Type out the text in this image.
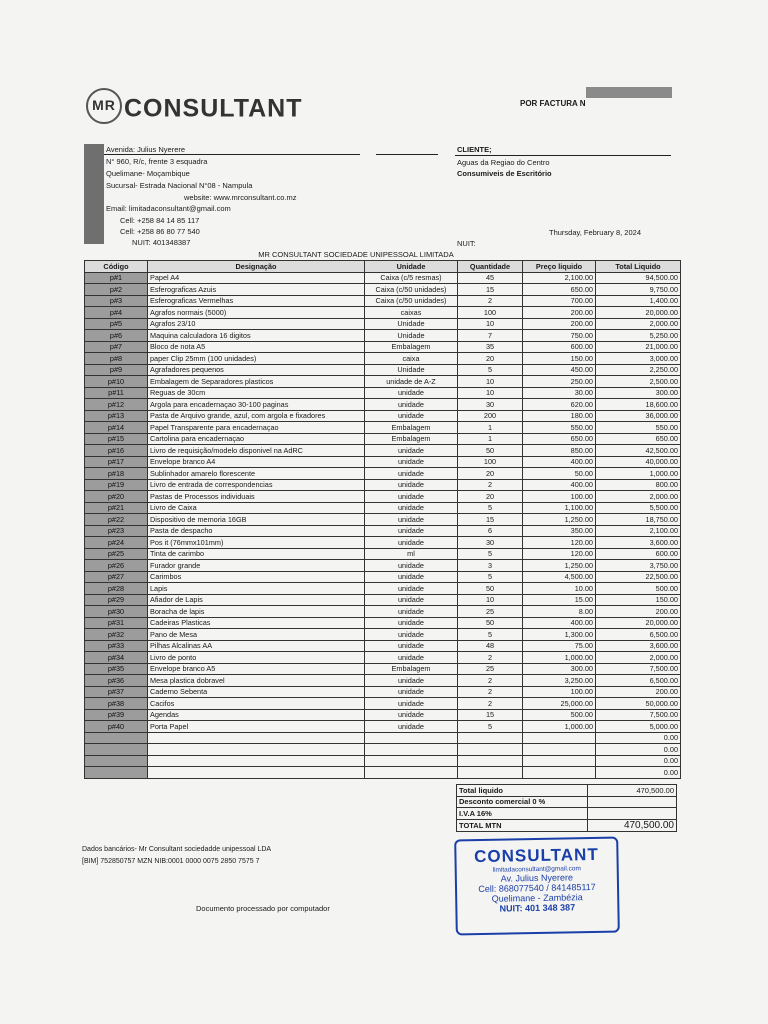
MR CONSULTANT	POR FACTURA N
Avenida: Julius Nyerere
N° 960, R/c, frente 3 esquadra
Quelimane- Moçambique
Sucursal- Estrada Nacional N°08 - Nampula
website: www.mrconsultant.co.mz
Email: limitadaconsultant@gmail.com
Cell: +258 84 14 85 117
Cell: +258 86 80 77 540
NUIT: 401348387
CLIENTE;
Aguas da Regiao do Centro
Consumiveis de Escritório
Thursday, February 8, 2024
NUIT:
MR CONSULTANT SOCIEDADE UNIPESSOAL LIMITADA
Código	Designação	Unidade	Quantidade	Preço liquido	Total Liquido
p#1	Papel A4	Caixa (c/5 resmas)	45	2,100.00	94,500.00
p#2	Esferograficas Azuis	Caixa (c/50 unidades)	15	650.00	9,750.00
p#3	Esferograficas Vermelhas	Caixa (c/50 unidades)	2	700.00	1,400.00
p#4	Agrafos normais (5000)	caixas	100	200.00	20,000.00
p#5	Agrafos 23/10	Unidade	10	200.00	2,000.00
p#6	Maquina calculadora 16 digitos	Unidade	7	750.00	5,250.00
p#7	Bloco de nota A5	Embalagem	35	600.00	21,000.00
p#8	paper Clip 25mm (100 unidades)	caixa	20	150.00	3,000.00
p#9	Agrafadores pequenos	Unidade	5	450.00	2,250.00
p#10	Embalagem de Separadores plasticos	unidade de A-Z	10	250.00	2,500.00
p#11	Reguas de 30cm	unidade	10	30.00	300.00
p#12	Argola para encadernaçao 30-100 paginas	unidade	30	620.00	18,600.00
p#13	Pasta de Arquivo grande, azul, com argola e fixadores	unidade	200	180.00	36,000.00
p#14	Papel Transparente para encadernaçao	Embalagem	1	550.00	550.00
p#15	Cartolina para encadernaçao	Embalagem	1	650.00	650.00
p#16	Livro de requisição/modelo disponivel na AdRC	unidade	50	850.00	42,500.00
p#17	Envelope branco A4	unidade	100	400.00	40,000.00
p#18	Sublinhador amarelo florescente	unidade	20	50.00	1,000.00
p#19	Livro de entrada de correspondencias	unidade	2	400.00	800.00
p#20	Pastas de Processos individuais	unidade	20	100.00	2,000.00
p#21	Livro de Caixa	unidade	5	1,100.00	5,500.00
p#22	Dispositivo de memoria 16GB	unidade	15	1,250.00	18,750.00
p#23	Pasta de despacho	unidade	6	350.00	2,100.00
p#24	Pos it (76mmx101mm)	unidade	30	120.00	3,600.00
p#25	Tinta de carimbo	ml	5	120.00	600.00
p#26	Furador grande	unidade	3	1,250.00	3,750.00
p#27	Carimbos	unidade	5	4,500.00	22,500.00
p#28	Lapis	unidade	50	10.00	500.00
p#29	Afiador de Lapis	unidade	10	15.00	150.00
p#30	Boracha de lapis	unidade	25	8.00	200.00
p#31	Cadeiras Plasticas	unidade	50	400.00	20,000.00
p#32	Pano de Mesa	unidade	5	1,300.00	6,500.00
p#33	Pilhas Alcalinas AA	unidade	48	75.00	3,600.00
p#34	Livro de ponto	unidade	2	1,000.00	2,000.00
p#35	Envelope branco A5	Embalagem	25	300.00	7,500.00
p#36	Mesa plastica dobravel	unidade	2	3,250.00	6,500.00
p#37	Caderno Sebenta	unidade	2	100.00	200.00
p#38	Cacifos	unidade	2	25,000.00	50,000.00
p#39	Agendas	unidade	15	500.00	7,500.00
p#40	Porta Papel	unidade	5	1,000.00	5,000.00
					0.00
					0.00
					0.00
					0.00
Total liquido	470,500.00
Desconto comercial 0 %	
I.V.A 16%	
TOTAL MTN	470,500.00
Dados bancários- Mr Consultant sociedadde unipessoal LDA
[BIM] 752850757 MZN NIB:0001 0000 0075 2850 7575 7
Documento processado por computador
CONSULTANT
limitadaconsultant@gmail.com
Av. Julius Nyerere
Cell: 868077540 / 841485117
Quelimane - Zambézia
NUIT: 401 348 387
